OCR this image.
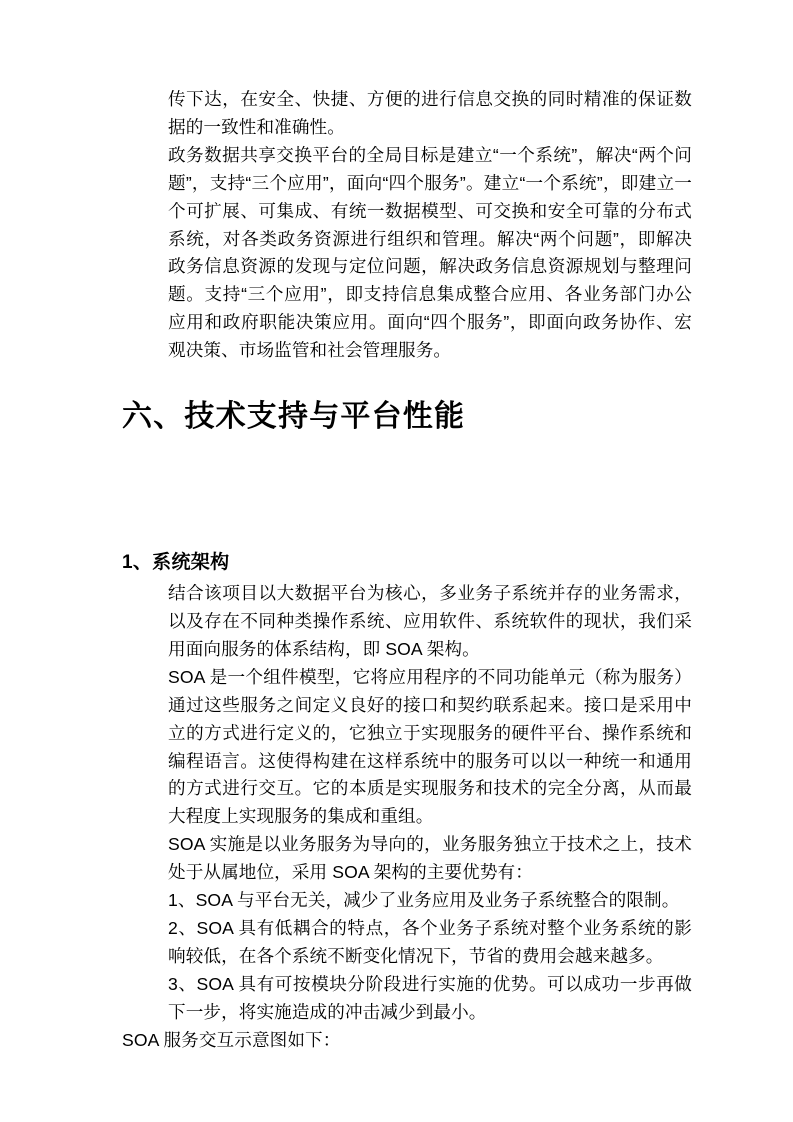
传下达，在安全、快捷、方便的进行信息交换的同时精准的保证数据的一致性和准确性。

政务数据共享交换平台的全局目标是建立“一个系统”，解决“两个问题”，支持“三个应用”，面向“四个服务”。建立“一个系统”，即建立一个可扩展、可集成、有统一数据模型、可交换和安全可靠的分布式系统，对各类政务资源进行组织和管理。解决“两个问题”，即解决政务信息资源的发现与定位问题，解决政务信息资源规划与整理问题。支持“三个应用”，即支持信息集成整合应用、各业务部门办公应用和政府职能决策应用。面向“四个服务”，即面向政务协作、宏观决策、市场监管和社会管理服务。

六、技术支持与平台性能
1、系统架构

结合该项目以大数据平台为核心，多业务子系统并存的业务需求，以及存在不同种类操作系统、应用软件、系统软件的现状，我们采用面向服务的体系结构，即 SOA 架构。

SOA 是一个组件模型，它将应用程序的不同功能单元（称为服务）通过这些服务之间定义良好的接口和契约联系起来。接口是采用中立的方式进行定义的，它独立于实现服务的硬件平台、操作系统和编程语言。这使得构建在这样系统中的服务可以以一种统一和通用的方式进行交互。它的本质是实现服务和技术的完全分离，从而最大程度上实现服务的集成和重组。

SOA 实施是以业务服务为导向的，业务服务独立于技术之上，技术处于从属地位，采用 SOA 架构的主要优势有：

1、SOA 与平台无关，减少了业务应用及业务子系统整合的限制。

2、SOA 具有低耦合的特点，各个业务子系统对整个业务系统的影响较低，在各个系统不断变化情况下，节省的费用会越来越多。

3、SOA 具有可按模块分阶段进行实施的优势。可以成功一步再做下一步，将实施造成的冲击减少到最小。

SOA 服务交互示意图如下：
